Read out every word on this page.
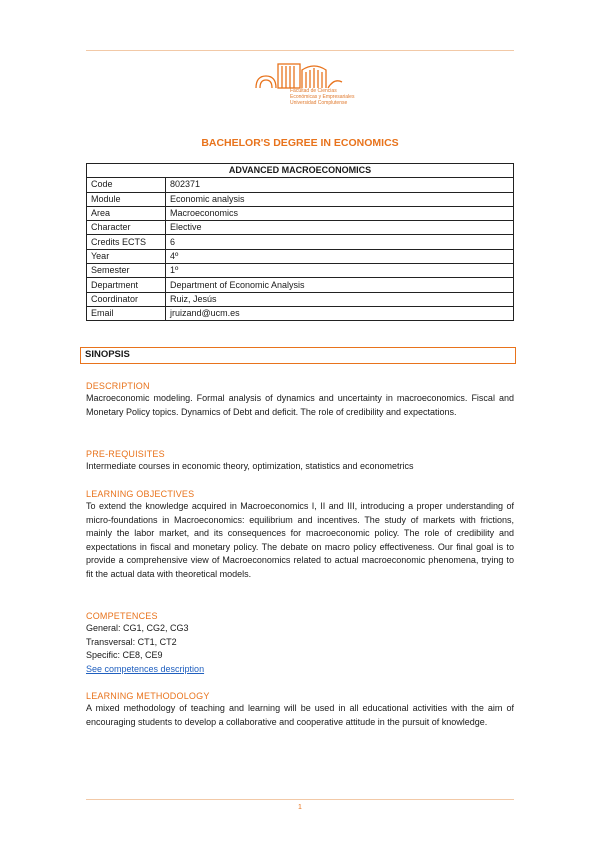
Facultad de Ciencias
Económicas y Empresariales
Universidad Complutense
BACHELOR'S DEGREE IN ECONOMICS
ADVANCED MACROECONOMICS	
Code	802371
Module	Economic analysis
Area	Macroeconomics
Character	Elective
Credits ECTS	6
Year	4º
Semester	1º
Department	Department of Economic Analysis
Coordinator	Ruiz, Jesús
Email	jruizand@ucm.es
SINOPSIS
DESCRIPTION
Macroeconomic modeling. Formal analysis of dynamics and uncertainty in macroeconomics. Fiscal and Monetary Policy topics. Dynamics of Debt and deficit. The role of credibility and expectations.
PRE-REQUISITES
Intermediate courses in economic theory, optimization, statistics and econometrics
LEARNING OBJECTIVES
To extend the knowledge acquired in Macroeconomics I, II and III, introducing a proper understanding of micro-foundations in Macroeconomics: equilibrium and incentives. The study of markets with frictions, mainly the labor market, and its consequences for macroeconomic policy. The role of credibility and expectations in fiscal and monetary policy. The debate on macro policy effectiveness. Our final goal is to provide a comprehensive view of Macroeconomics related to actual macroeconomic phenomena, trying to fit the actual data with theoretical models.
COMPETENCES
General: CG1, CG2, CG3
Transversal: CT1, CT2
Specific: CE8, CE9
See competences description
LEARNING METHODOLOGY
A mixed methodology of teaching and learning will be used in all educational activities with the aim of encouraging students to develop a collaborative and cooperative attitude in the pursuit of knowledge.
1
